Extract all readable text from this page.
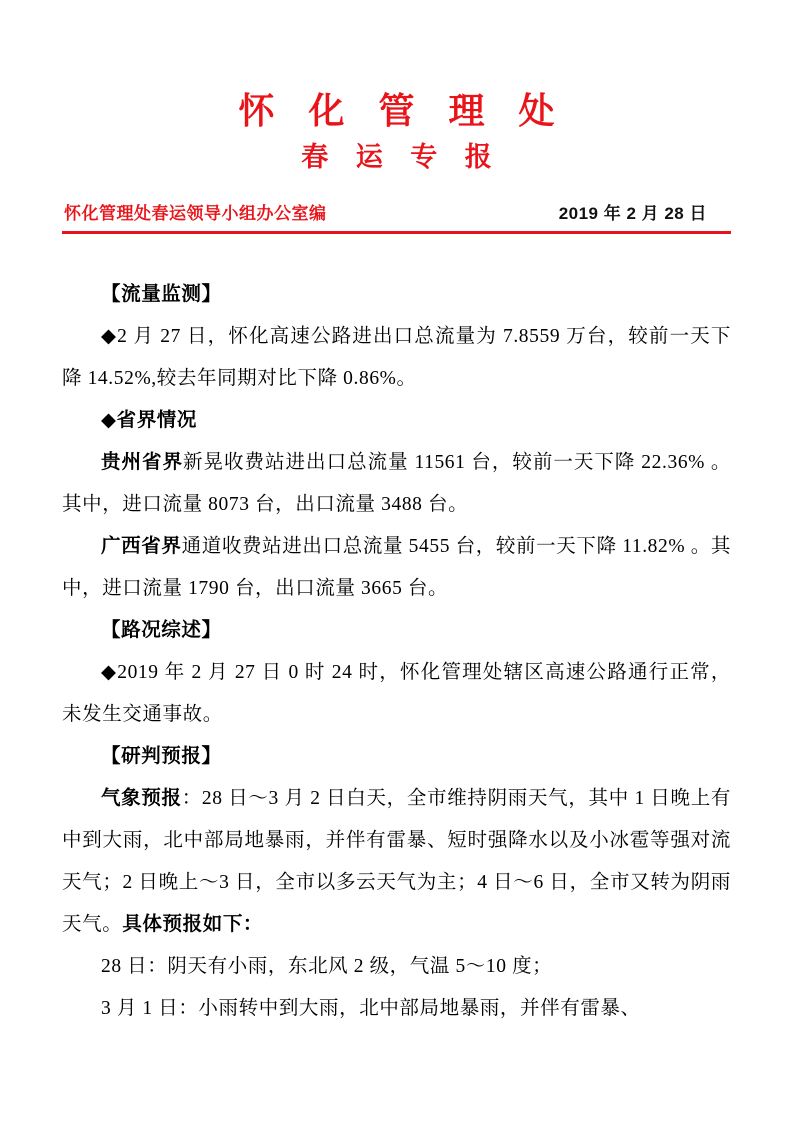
怀 化 管 理 处
春 运 专 报
怀化管理处春运领导小组办公室编	2019 年 2 月 28 日

【流量监测】

◆2 月 27 日，怀化高速公路进出口总流量为 7.8559 万台，较前一天下降 14.52%,较去年同期对比下降 0.86%。

◆省界情况

贵州省界新晃收费站进出口总流量 11561 台，较前一天下降 22.36% 。其中，进口流量 8073 台，出口流量 3488 台。

广西省界通道收费站进出口总流量 5455 台，较前一天下降 11.82% 。其中，进口流量 1790 台，出口流量 3665 台。

【路况综述】

◆2019 年 2 月 27 日 0 时 24 时，怀化管理处辖区高速公路通行正常，未发生交通事故。

【研判预报】

气象预报：28 日～3 月 2 日白天，全市维持阴雨天气，其中 1 日晚上有中到大雨，北中部局地暴雨，并伴有雷暴、短时强降水以及小冰雹等强对流天气；2 日晚上～3 日，全市以多云天气为主；4 日～6 日，全市又转为阴雨天气。具体预报如下：

28 日：阴天有小雨，东北风 2 级，气温 5～10 度；

3 月 1 日：小雨转中到大雨，北中部局地暴雨，并伴有雷暴、
